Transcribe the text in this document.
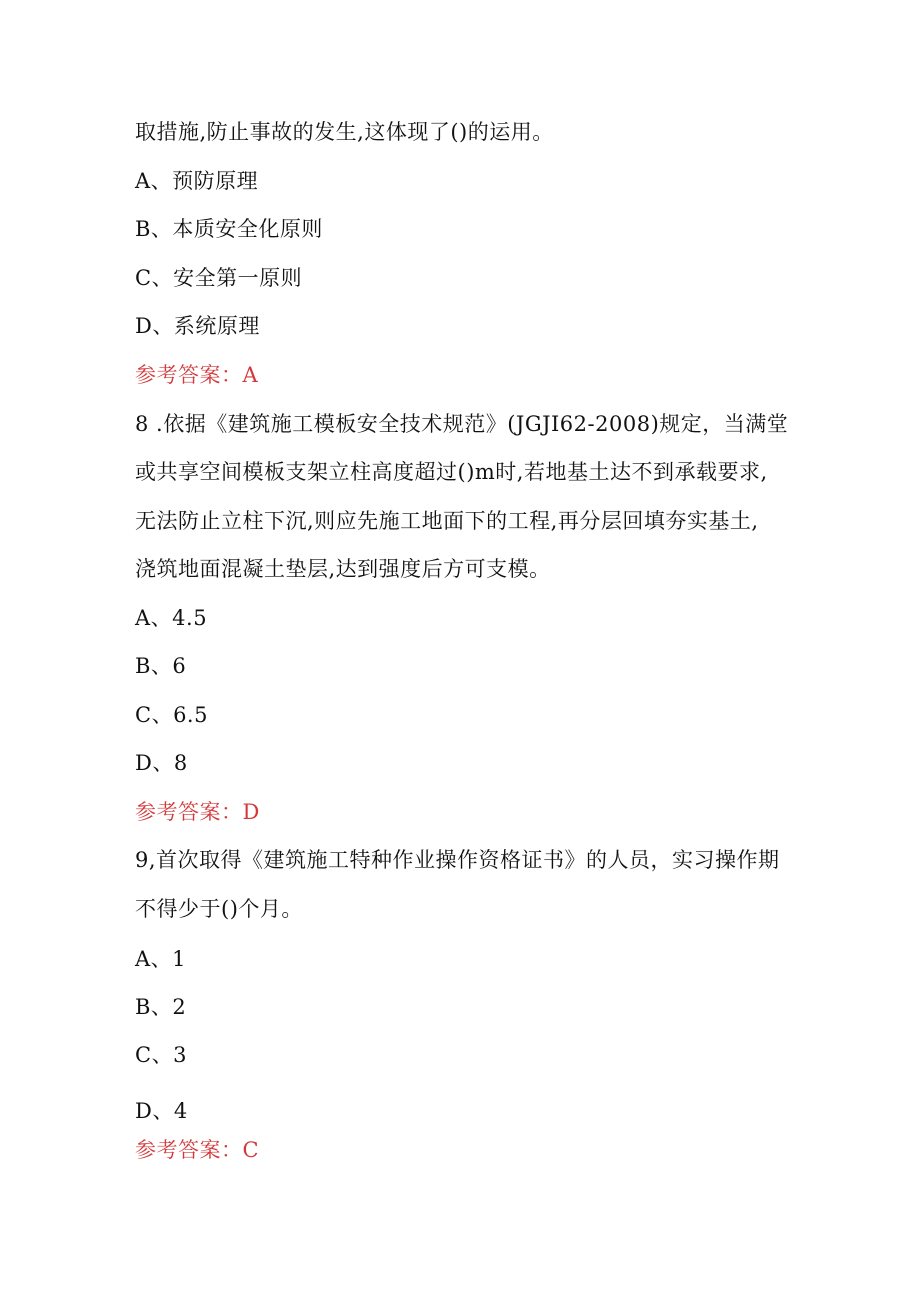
取措施,防止事故的发生,这体现了()的运用。
A、预防原理
B、本质安全化原则
C、安全第一原则
D、系统原理
参考答案：A
8 .依据《建筑施工模板安全技术规范》(JGJI62-2008)规定，当满堂
或共享空间模板支架立柱高度超过()m时,若地基土达不到承载要求,
无法防止立柱下沉,则应先施工地面下的工程,再分层回填夯实基土,
浇筑地面混凝土垫层,达到强度后方可支模。
A、4.5
B、6
C、6.5
D、8
参考答案：D
9,首次取得《建筑施工特种作业操作资格证书》的人员，实习操作期
不得少于()个月。
A、1
B、2
C、3
D、4
参考答案：C
